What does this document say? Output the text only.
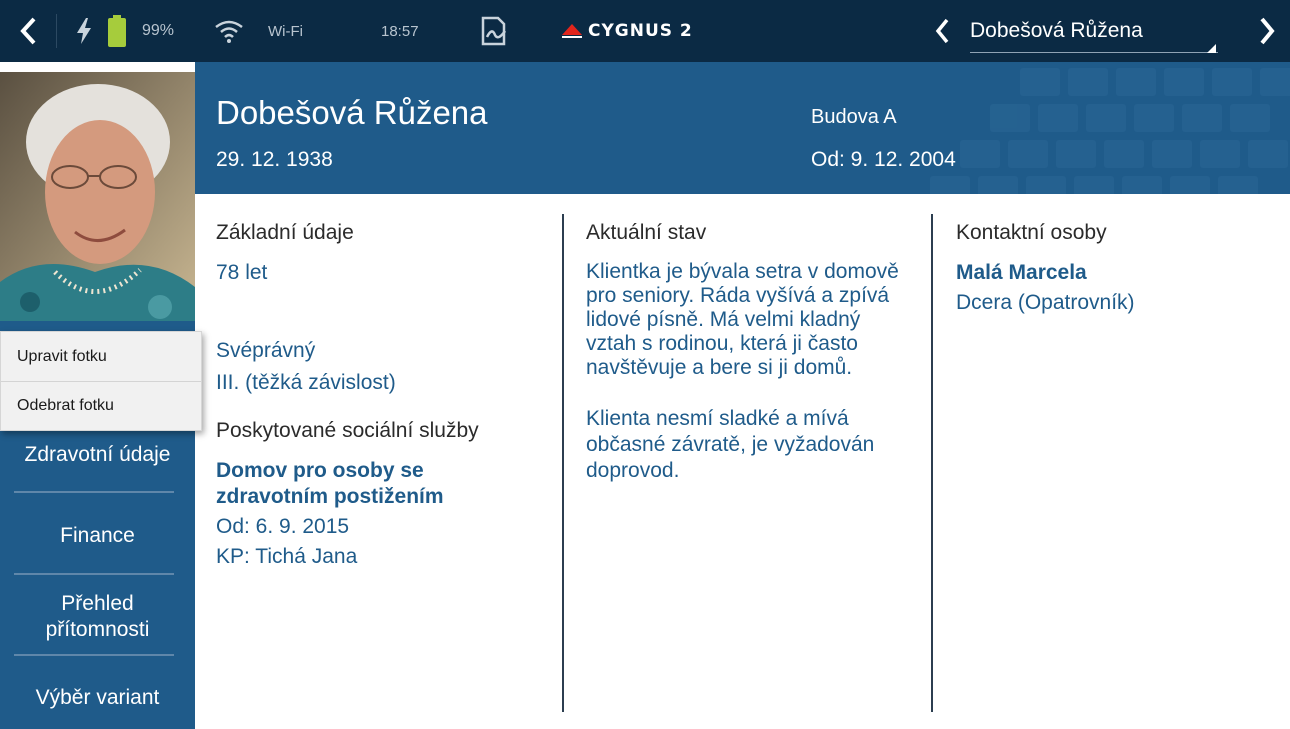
99%	Wi-Fi	18:57	CYGNUS 2	Dobešová Růžena
Upravit fotku
Odebrat fotku
Zdravotní údaje
Finance
Přehled přítomnosti
Výběr variant
Dobešová Růžena
29. 12. 1938
Budova A
Od: 9. 12. 2004
Základní údaje
78 let
Svéprávný
III. (těžká závislost)
Poskytované sociální služby
Domov pro osoby se zdravotním postižením
Od: 6. 9. 2015
KP: Tichá Jana
Aktuální stav
Klientka je bývala setra v domově pro seniory. Ráda vyšívá a zpívá lidové písně. Má velmi kladný vztah s rodinou, která ji často navštěvuje a bere si ji domů.
Klienta nesmí sladké a mívá občasné závratě, je vyžadován doprovod.
Kontaktní osoby
Malá Marcela
Dcera (Opatrovník)
